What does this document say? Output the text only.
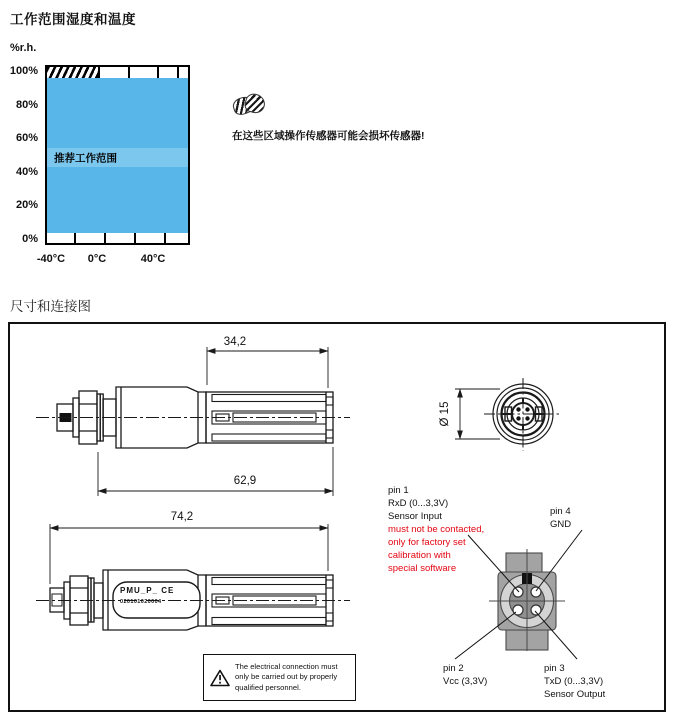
工作范围湿度和温度
%r.h.
100%
80%
60%
40%
20%
0%
推荐工作范围
-40°C	0°C	40°C
在这些区域操作传感器可能会损坏传感器!
尺寸和连接图
34,2
62,9
74,2
Ø 15
PMU_P_ CE
020101020004
pin 1
RxD (0...3,3V)
Sensor Input
must not be contacted,
only for factory set
calibration with
special software
pin 4
GND
pin 2
Vcc (3,3V)
pin 3
TxD (0...3,3V)
Sensor Output
The electrical connection must
only be carried out by properly
qualified personnel.
